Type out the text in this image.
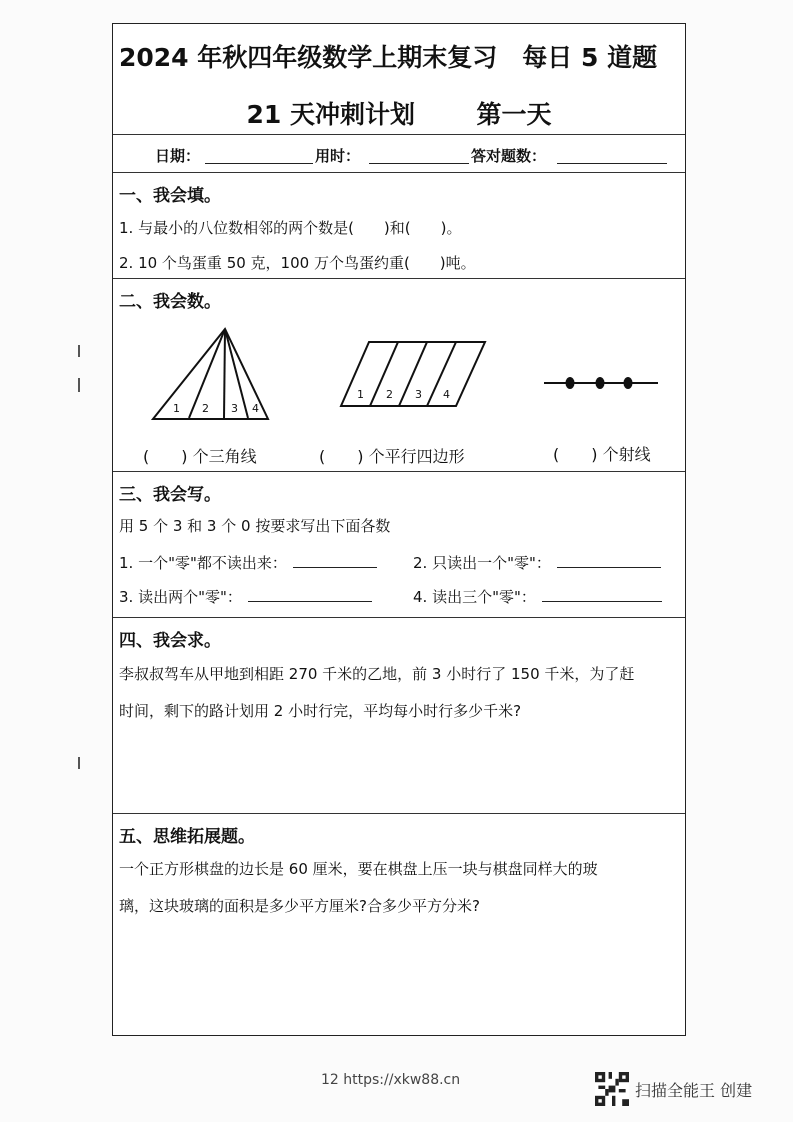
2024 年秋四年级数学上期末复习　每日 5 道题
21 天冲刺计划 第一天
日期：	用时：	答对题数：
一、我会填。
1. 与最小的八位数相邻的两个数是(　　)和(　　)。
2. 10 个鸟蛋重 50 克，100 万个鸟蛋约重(　　)吨。
二、我会数。
1 2 3 4
1 2 3 4
(　　) 个三角线	(　　) 个平行四边形	(　　) 个射线
三、我会写。
用 5 个 3 和 3 个 0 按要求写出下面各数
1. 一个"零"都不读出来：	2. 只读出一个"零"：
3. 读出两个"零"：	4. 读出三个"零"：
四、我会求。
李叔叔驾车从甲地到相距 270 千米的乙地，前 3 小时行了 150 千米，为了赶
时间，剩下的路计划用 2 小时行完，平均每小时行多少千米?
五、思维拓展题。
一个正方形棋盘的边长是 60 厘米，要在棋盘上压一块与棋盘同样大的玻
璃，这块玻璃的面积是多少平方厘米?合多少平方分米?
12 https://xkw88.cn
扫描全能王 创建
